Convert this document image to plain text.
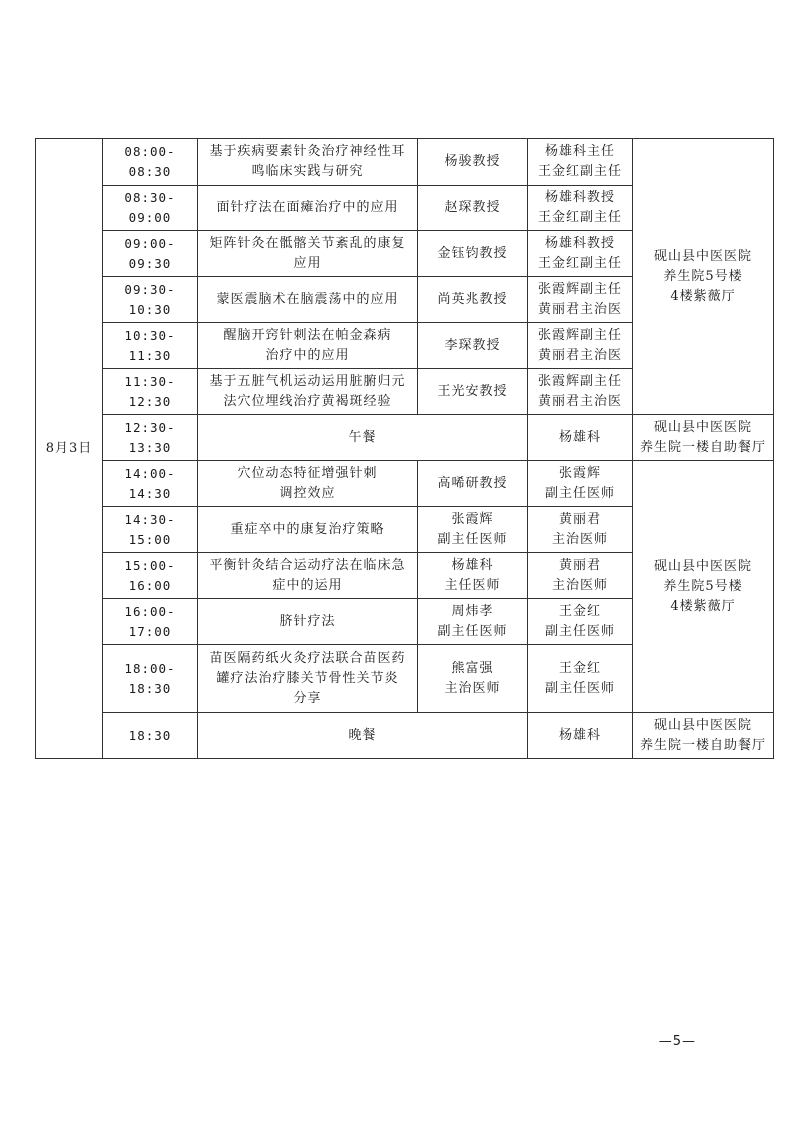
8月3日	08:00-08:30	基于疾病要素针灸治疗神经性耳
鸣临床实践与研究	杨骏教授	杨雄科主任
王金红副主任	砚山县中医医院
养生院5号楼
4楼紫薇厅

	08:30-09:00	面针疗法在面瘫治疗中的应用	赵琛教授	杨雄科教授
王金红副主任	

	09:00-09:30	矩阵针灸在骶髂关节紊乱的康复
应用	金钰钧教授	杨雄科教授
王金红副主任	

	09:30-10:30	蒙医震脑术在脑震荡中的应用	尚英兆教授	张霞辉副主任
黄丽君主治医	

	10:30-11:30	醒脑开窍针刺法在帕金森病
治疗中的应用	李琛教授	张霞辉副主任
黄丽君主治医	

	11:30-12:30	基于五脏气机运动运用脏腑归元
法穴位埋线治疗黄褐斑经验	王光安教授	张霞辉副主任
黄丽君主治医	

	12:30-13:30	午餐		杨雄科	砚山县中医医院
养生院一楼自助餐厅

	14:00-14:30	穴位动态特征增强针刺
调控效应	高唏研教授	张霞辉
副主任医师	砚山县中医医院
养生院5号楼
4楼紫薇厅

	14:30-15:00	重症卒中的康复治疗策略	张霞辉
副主任医师	黄丽君
主治医师	

	15:00-16:00	平衡针灸结合运动疗法在临床急
症中的运用	杨雄科
主任医师	黄丽君
主治医师	

	16:00-17:00	脐针疗法	周炜孝
副主任医师	王金红
副主任医师	

	18:00-18:30	苗医隔药纸火灸疗法联合苗医药
罐疗法治疗膝关节骨性关节炎
分享	熊富强
主治医师	王金红
副主任医师	

	18:30	晚餐		杨雄科	砚山县中医医院
养生院一楼自助餐厅
—5—
